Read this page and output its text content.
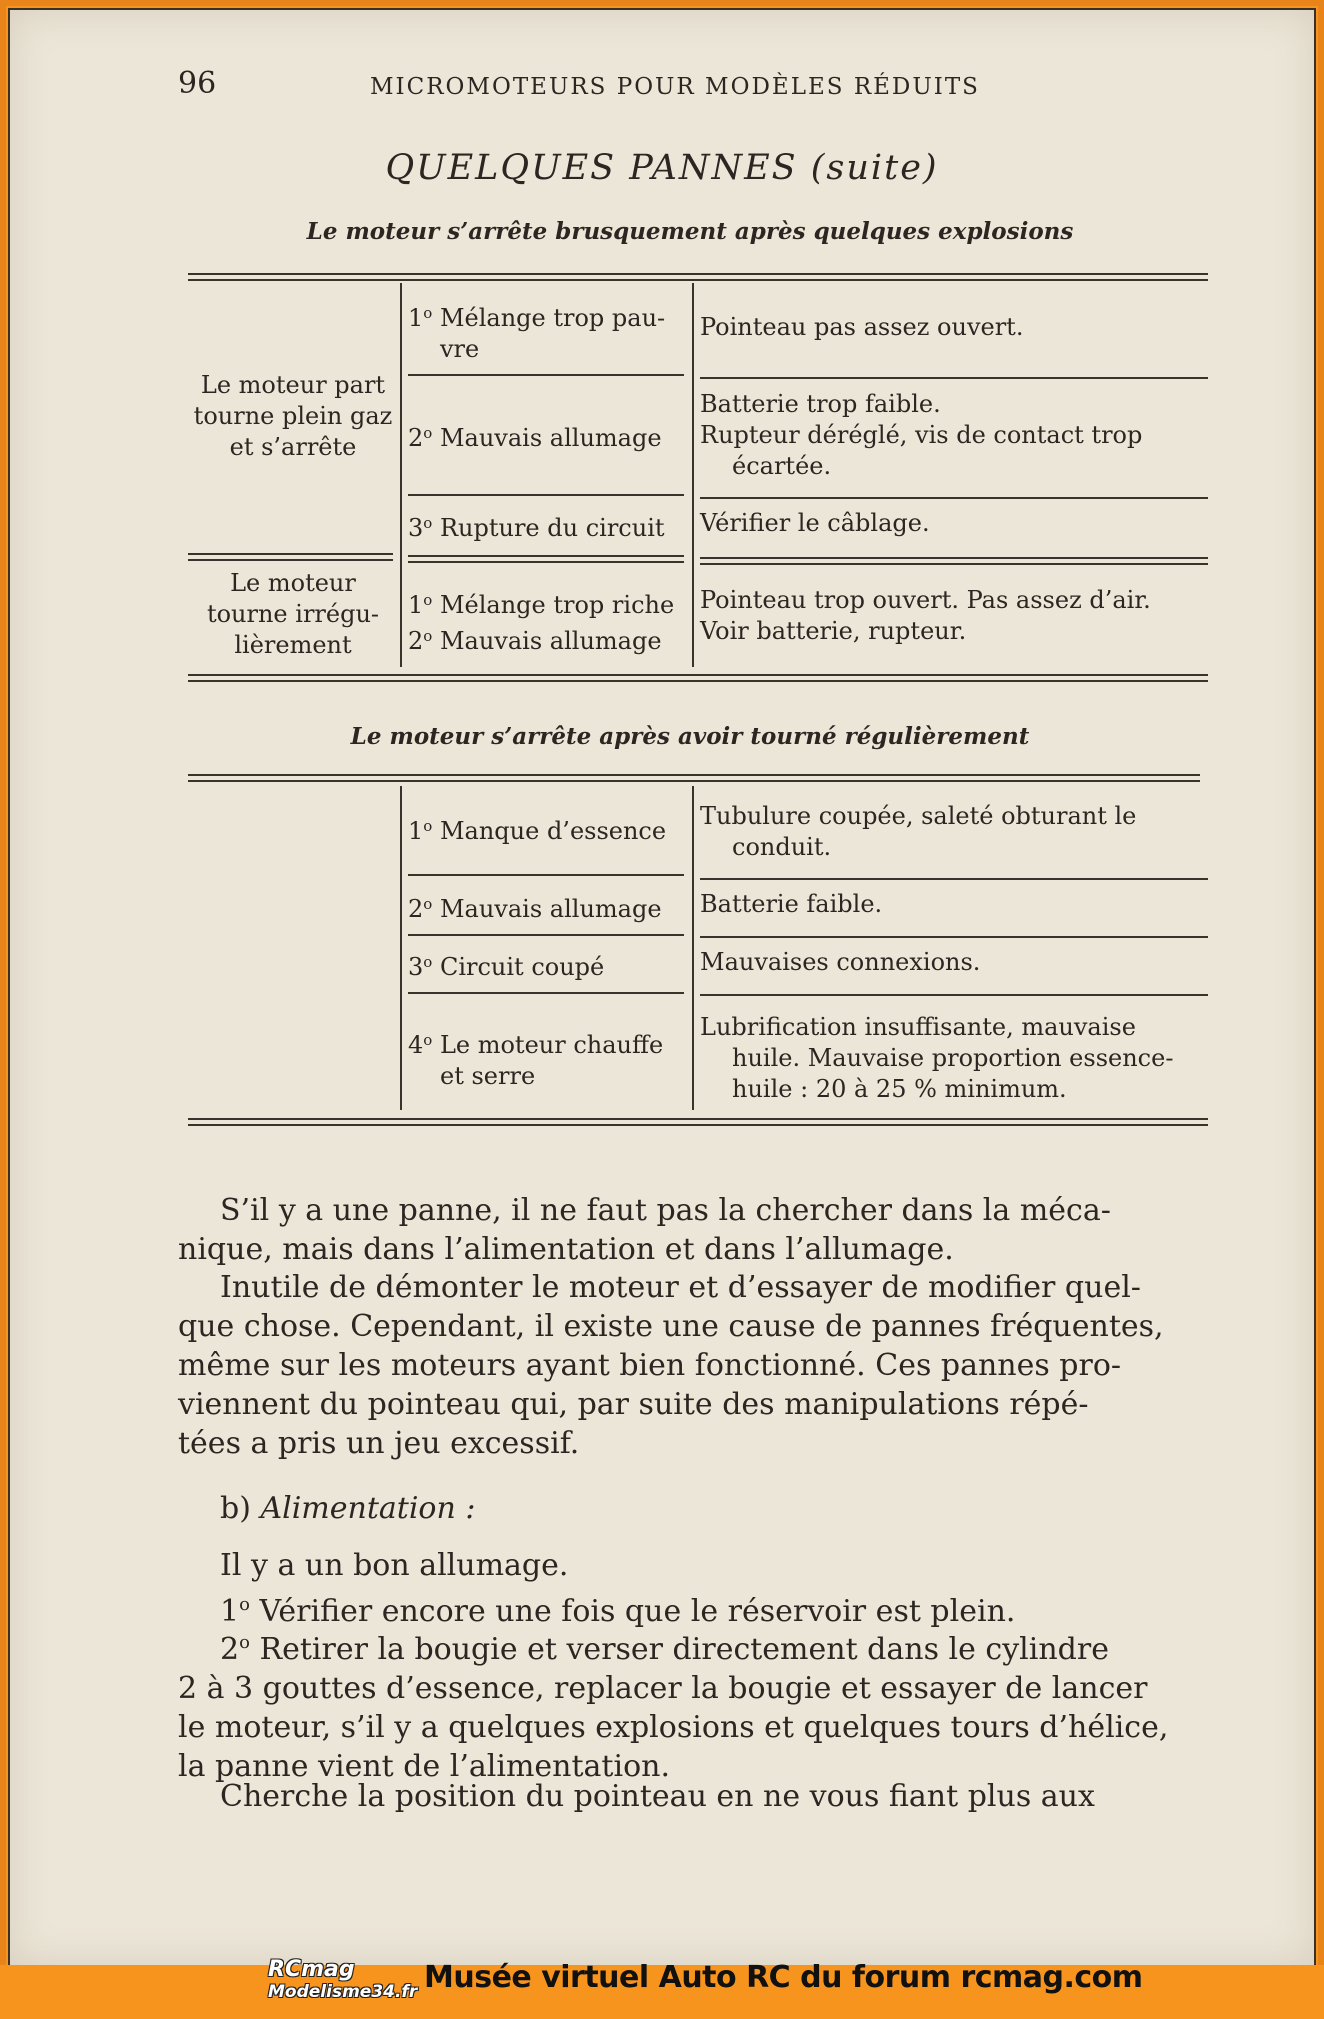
96	MICROMOTEURS POUR MODÈLES RÉDUITS
QUELQUES PANNES (suite)
Le moteur s’arrête brusquement après quelques explosions
Le moteur part
tourne plein gaz
et s’arrête
Le moteur
tourne irrégu-
lièrement
1$^o$ Mélange trop pau-
vre
2$^o$ Mauvais allumage
3$^o$ Rupture du circuit
1$^o$ Mélange trop riche
2$^o$ Mauvais allumage
Pointeau pas assez ouvert.
Batterie trop faible.
Rupteur déréglé, vis de contact trop
écartée.
Vérifier le câblage.
Pointeau trop ouvert. Pas assez d’air.
Voir batterie, rupteur.
Le moteur s’arrête après avoir tourné régulièrement
1$^o$ Manque d’essence
2$^o$ Mauvais allumage
3$^o$ Circuit coupé
4$^o$ Le moteur chauffe
et serre
Tubulure coupée, saleté obturant le
conduit.
Batterie faible.
Mauvaises connexions.
Lubrification insuffisante, mauvaise
huile. Mauvaise proportion essence-
huile : 20 à 25 % minimum.
S’il y a une panne, il ne faut pas la chercher dans la méca-
nique, mais dans l’alimentation et dans l’allumage.
Inutile de démonter le moteur et d’essayer de modifier quel-
que chose. Cependant, il existe une cause de pannes fréquentes,
même sur les moteurs ayant bien fonctionné. Ces pannes pro-
viennent du pointeau qui, par suite des manipulations répé-
tées a pris un jeu excessif.
b) Alimentation :
Il y a un bon allumage.
1$^o$ Vérifier encore une fois que le réservoir est plein.
2$^o$ Retirer la bougie et verser directement dans le cylindre
2 à 3 gouttes d’essence, replacer la bougie et essayer de lancer
le moteur, s’il y a quelques explosions et quelques tours d’hélice,
la panne vient de l’alimentation.
Cherche la position du pointeau en ne vous fiant plus aux
RCmag
Modelisme34.fr Musée virtuel Auto RC du forum rcmag.com
